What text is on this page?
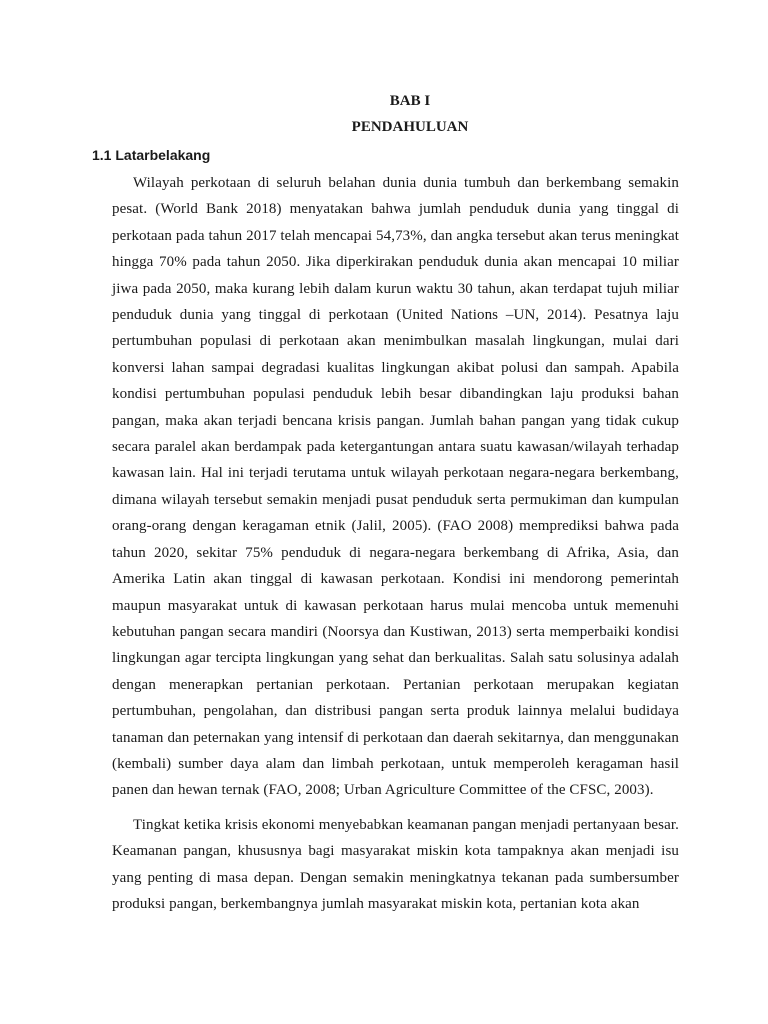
BAB I
PENDAHULUAN
1.1 Latarbelakang

Wilayah perkotaan di seluruh belahan dunia dunia tumbuh dan berkembang semakin pesat. (World Bank 2018) menyatakan bahwa jumlah penduduk dunia yang tinggal di perkotaan pada tahun 2017 telah mencapai 54,73%, dan angka tersebut akan terus meningkat hingga 70% pada tahun 2050. Jika diperkirakan penduduk dunia akan mencapai 10 miliar jiwa pada 2050, maka kurang lebih dalam kurun waktu 30 tahun, akan terdapat tujuh miliar penduduk dunia yang tinggal di perkotaan (United Nations –UN, 2014). Pesatnya laju pertumbuhan populasi di perkotaan akan menimbulkan masalah lingkungan, mulai dari konversi lahan sampai degradasi kualitas lingkungan akibat polusi dan sampah. Apabila kondisi pertumbuhan populasi penduduk lebih besar dibandingkan laju produksi bahan pangan, maka akan terjadi bencana krisis pangan. Jumlah bahan pangan yang tidak cukup secara paralel akan berdampak pada ketergantungan antara suatu kawasan/wilayah terhadap kawasan lain. Hal ini terjadi terutama untuk wilayah perkotaan negara-negara berkembang, dimana wilayah tersebut semakin menjadi pusat penduduk serta permukiman dan kumpulan orang-orang dengan keragaman etnik (Jalil, 2005). (FAO 2008) memprediksi bahwa pada tahun 2020, sekitar 75% penduduk di negara-negara berkembang di Afrika, Asia, dan Amerika Latin akan tinggal di kawasan perkotaan. Kondisi ini mendorong pemerintah maupun masyarakat untuk di kawasan perkotaan harus mulai mencoba untuk memenuhi kebutuhan pangan secara mandiri (Noorsya dan Kustiwan, 2013) serta memperbaiki kondisi lingkungan agar tercipta lingkungan yang sehat dan berkualitas. Salah satu solusinya adalah dengan menerapkan pertanian perkotaan. Pertanian perkotaan merupakan kegiatan pertumbuhan, pengolahan, dan distribusi pangan serta produk lainnya melalui budidaya tanaman dan peternakan yang intensif di perkotaan dan daerah sekitarnya, dan menggunakan (kembali) sumber daya alam dan limbah perkotaan, untuk memperoleh keragaman hasil panen dan hewan ternak (FAO, 2008; Urban Agriculture Committee of the CFSC, 2003).

Tingkat ketika krisis ekonomi menyebabkan keamanan pangan menjadi pertanyaan besar. Keamanan pangan, khususnya bagi masyarakat miskin kota tampaknya akan menjadi isu yang penting di masa depan. Dengan semakin meningkatnya tekanan pada sumbersumber produksi pangan, berkembangnya jumlah masyarakat miskin kota, pertanian kota akan
